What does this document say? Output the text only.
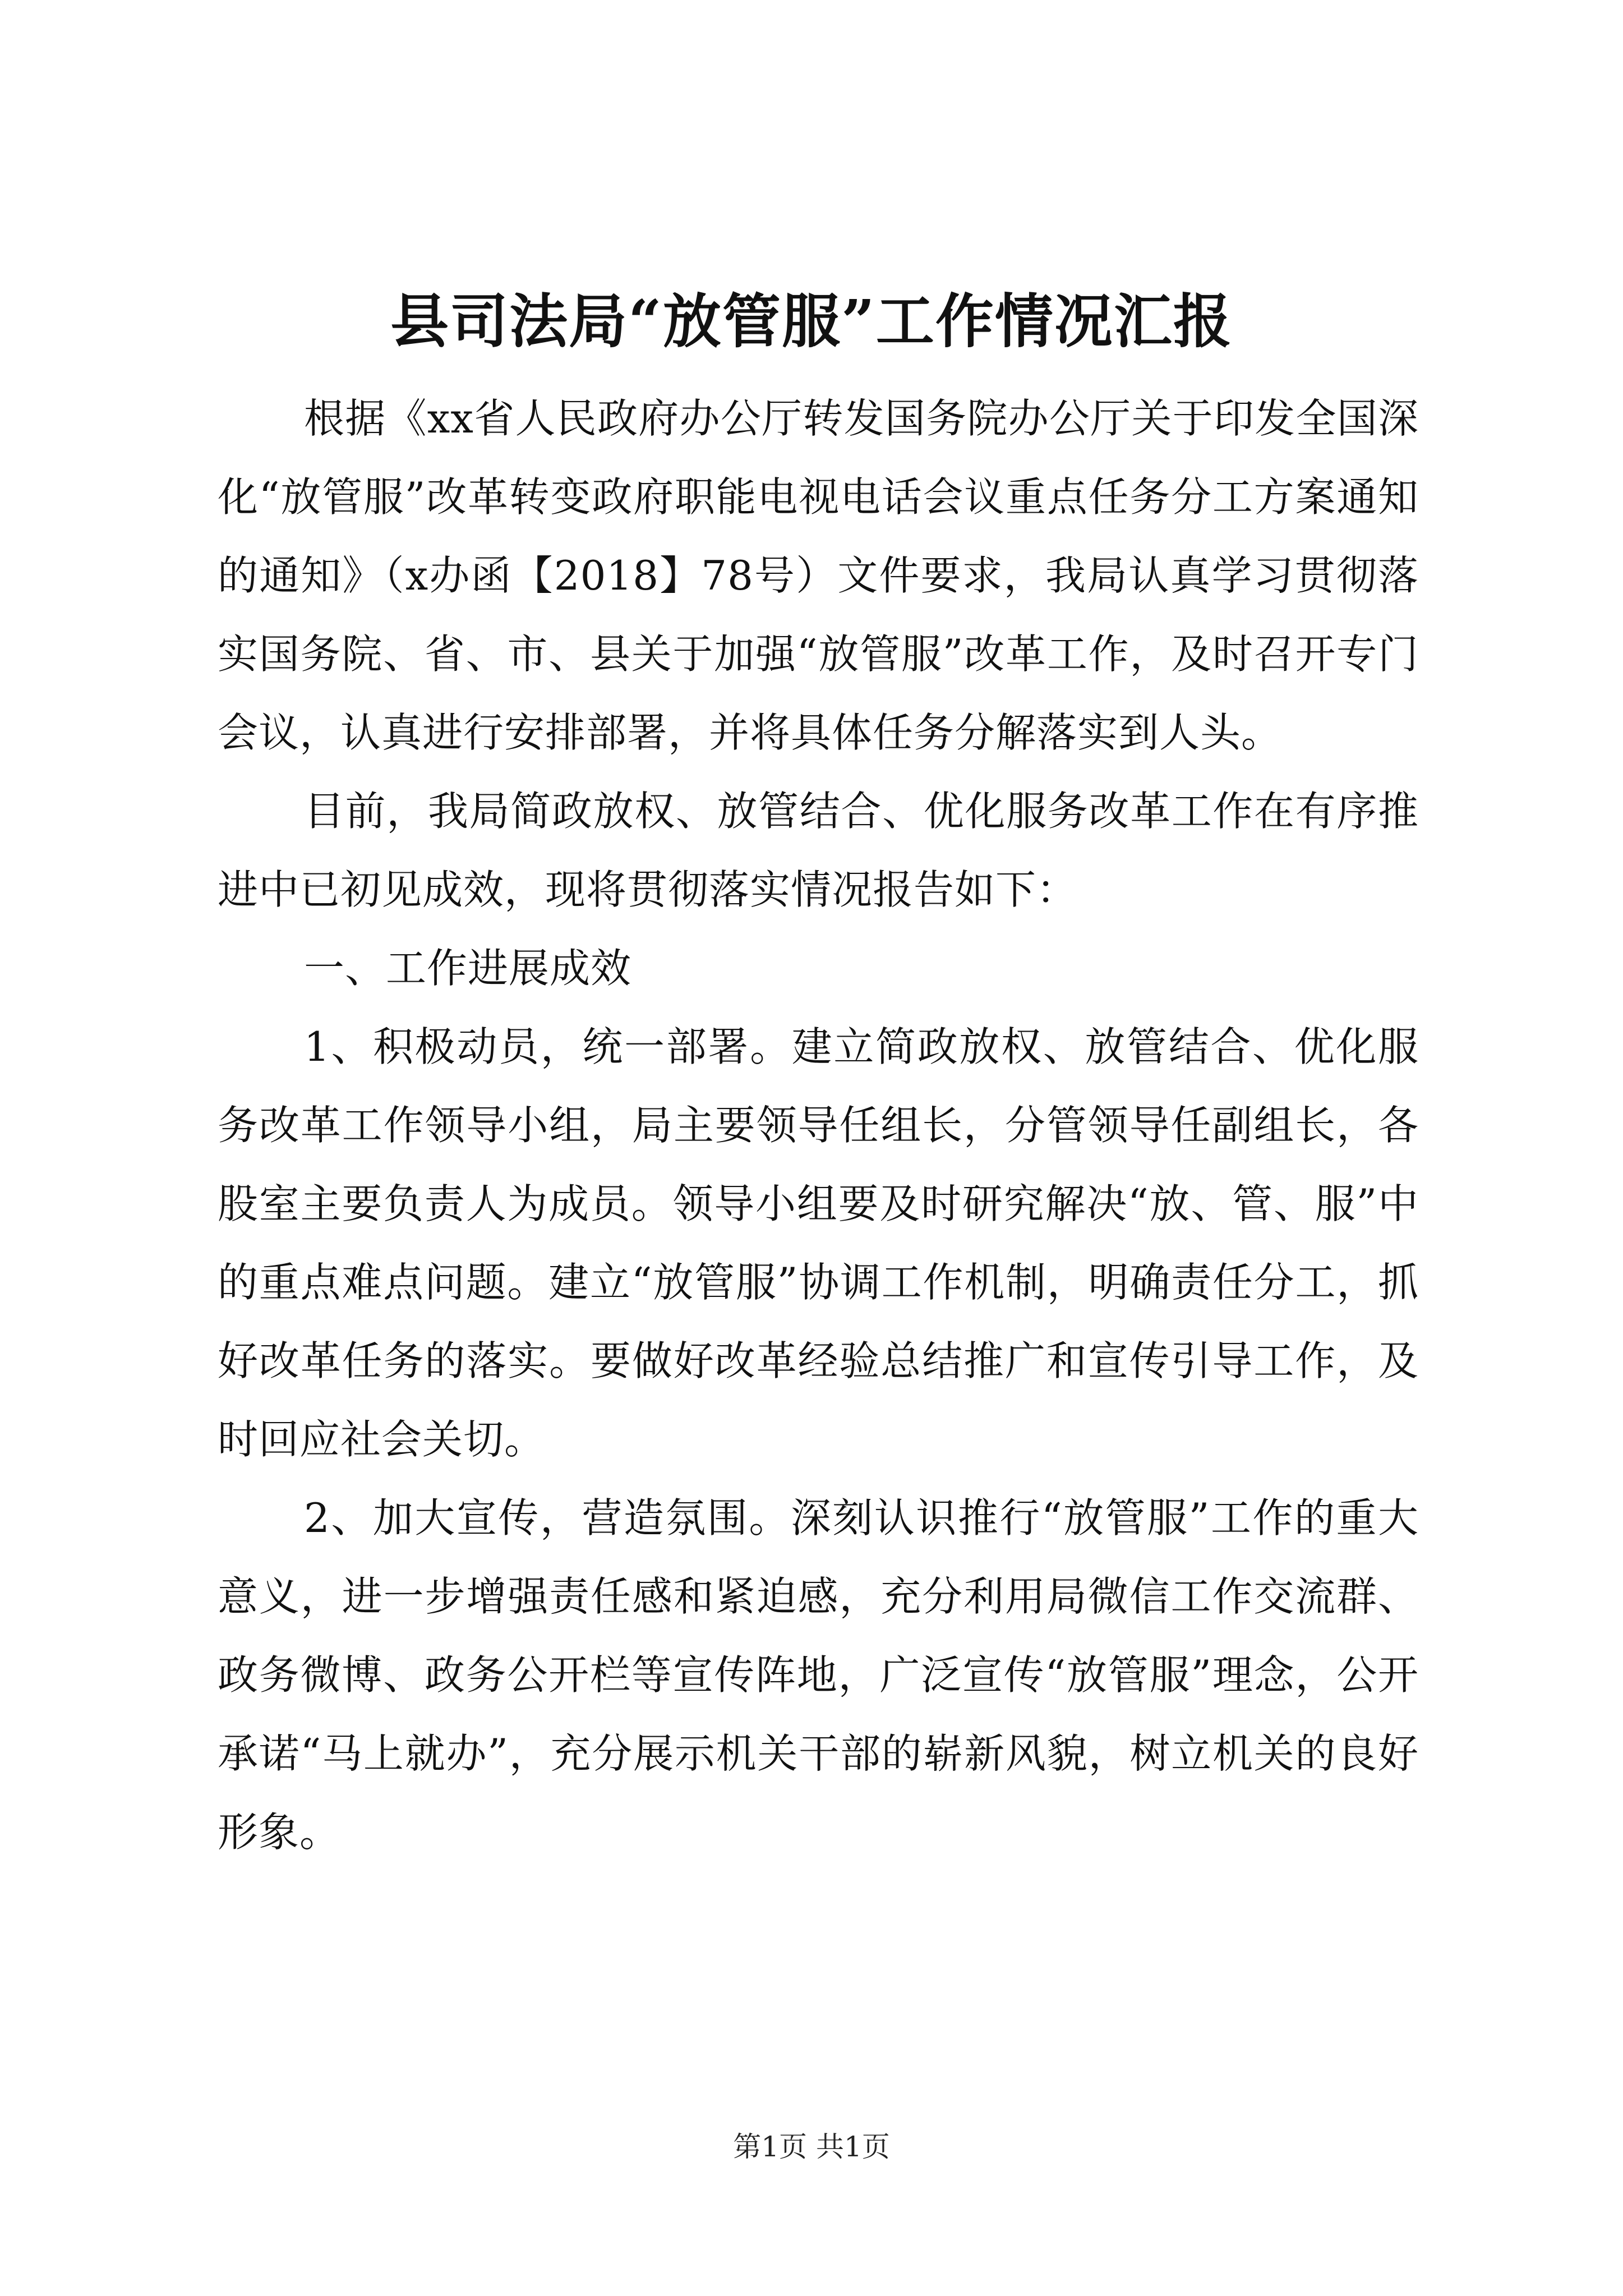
县司法局“放管服”工作情况汇报

根据《xx省人民政府办公厅转发国务院办公厅关于印发全国深化“放管服”改革转变政府职能电视电话会议重点任务分工方案通知的通知》（x办函【2018】78号）文件要求，我局认真学习贯彻落实国务院、省、市、县关于加强“放管服”改革工作，及时召开专门会议，认真进行安排部署，并将具体任务分解落实到人头。

目前，我局简政放权、放管结合、优化服务改革工作在有序推进中已初见成效，现将贯彻落实情况报告如下：

一、工作进展成效

1、积极动员，统一部署。建立简政放权、放管结合、优化服务改革工作领导小组，局主要领导任组长，分管领导任副组长，各股室主要负责人为成员。领导小组要及时研究解决“放、管、服”中的重点难点问题。建立“放管服”协调工作机制，明确责任分工，抓好改革任务的落实。要做好改革经验总结推广和宣传引导工作，及时回应社会关切。

2、加大宣传，营造氛围。深刻认识推行“放管服”工作的重大意义，进一步增强责任感和紧迫感，充分利用局微信工作交流群、政务微博、政务公开栏等宣传阵地，广泛宣传“放管服”理念，公开承诺“马上就办”，充分展示机关干部的崭新风貌，树立机关的良好形象。

第1页 共1页
